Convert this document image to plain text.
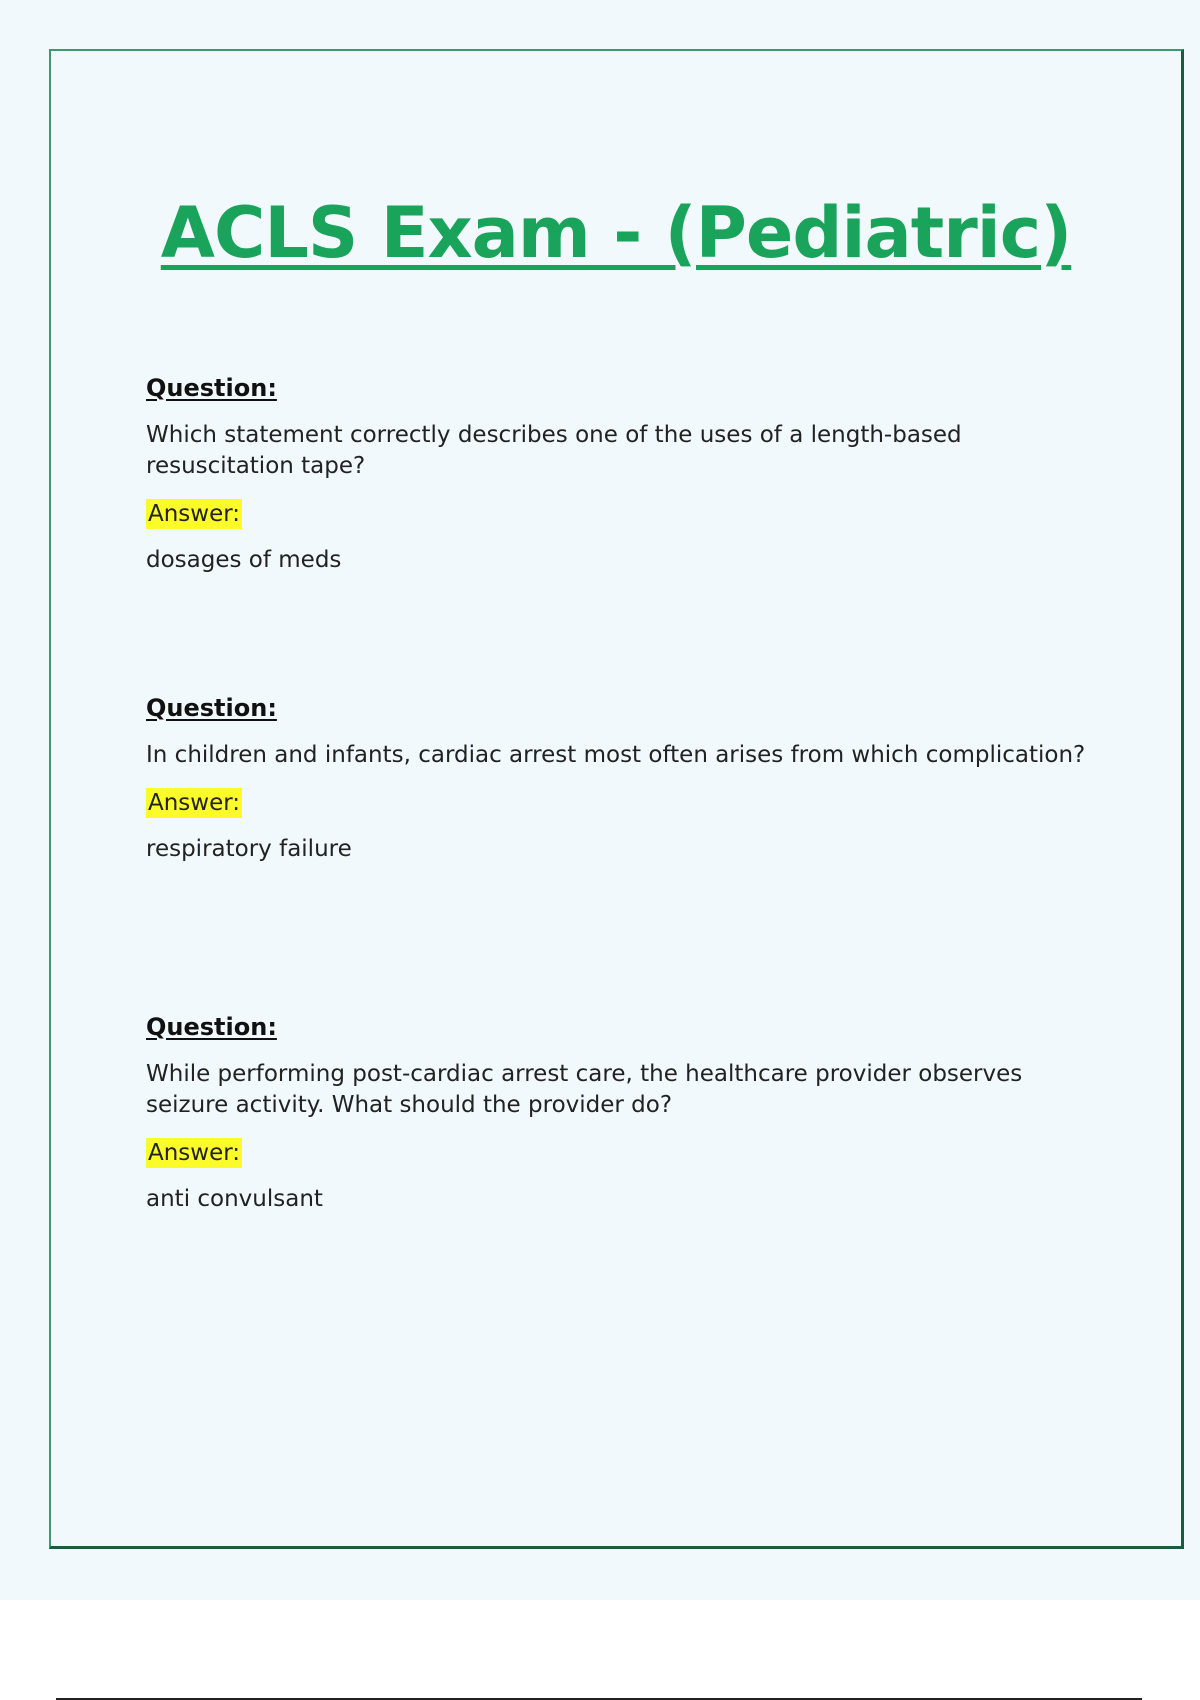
ACLS Exam - (Pediatric)
Question:
Which statement correctly describes one of the uses of a length-based resuscitation tape?
Answer:
dosages of meds
Question:
In children and infants, cardiac arrest most often arises from which complication?
Answer:
respiratory failure
Question:
While performing post-cardiac arrest care, the healthcare provider observes seizure activity. What should the provider do?
Answer:
anti convulsant
